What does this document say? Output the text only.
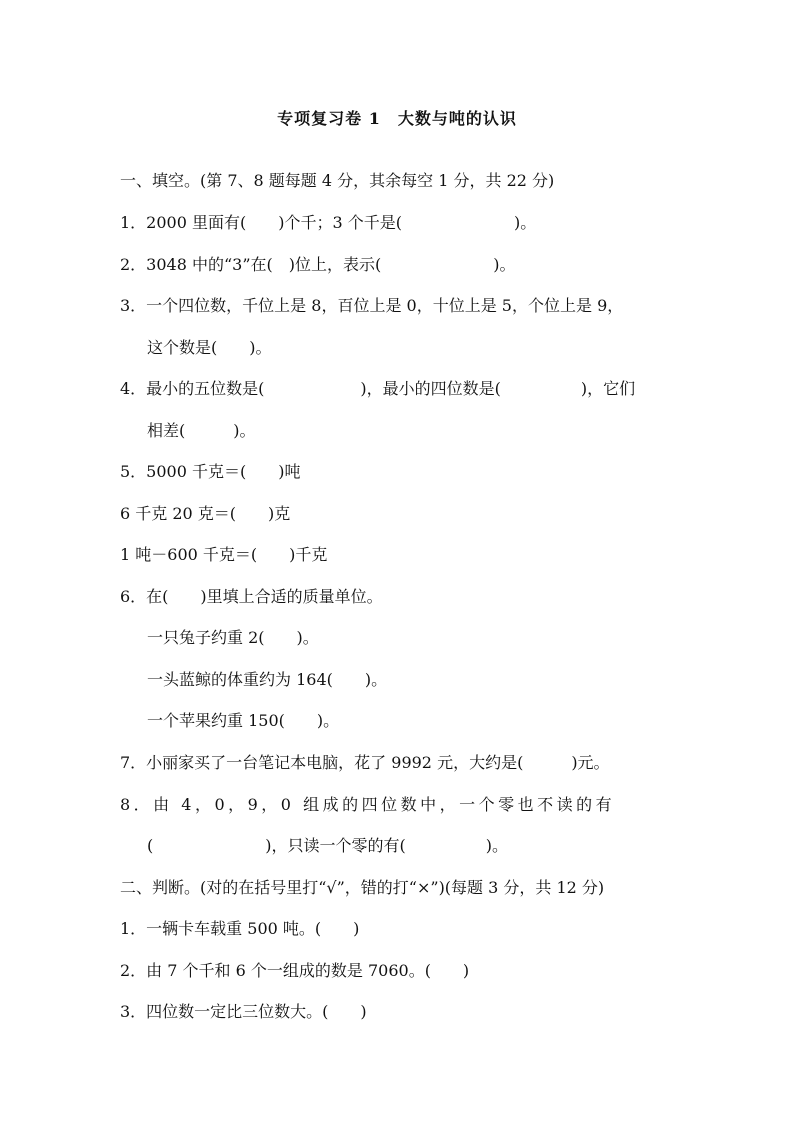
专项复习卷 1　大数与吨的认识
一、填空。(第 7、8 题每题 4 分，其余每空 1 分，共 22 分)
1．2000 里面有(　　)个千；3 个千是(　　　　　　　)。
2．3048 中的“3”在(　)位上，表示(　　　　　　　)。
3．一个四位数，千位上是 8，百位上是 0，十位上是 5，个位上是 9，
这个数是(　　)。
4．最小的五位数是(　　　　　　)，最小的四位数是(　　　　　)，它们
相差(　　　)。
5．5000 千克＝(　　)吨
6 千克 20 克＝(　　)克
1 吨－600 千克＝(　　)千克
6．在(　　)里填上合适的质量单位。
一只兔子约重 2(　　)。
一头蓝鲸的体重约为 164(　　)。
一个苹果约重 150(　　)。
7．小丽家买了一台笔记本电脑，花了 9992 元，大约是(　　　)元。
8．由 4，0，9，0 组成的四位数中，一个零也不读的有
(　　　　　　　)，只读一个零的有(　　　　　)。
二、判断。(对的在括号里打“√”，错的打“×”)(每题 3 分，共 12 分)
1．一辆卡车载重 500 吨。(　　)
2．由 7 个千和 6 个一组成的数是 7060。(　　)
3．四位数一定比三位数大。(　　)
